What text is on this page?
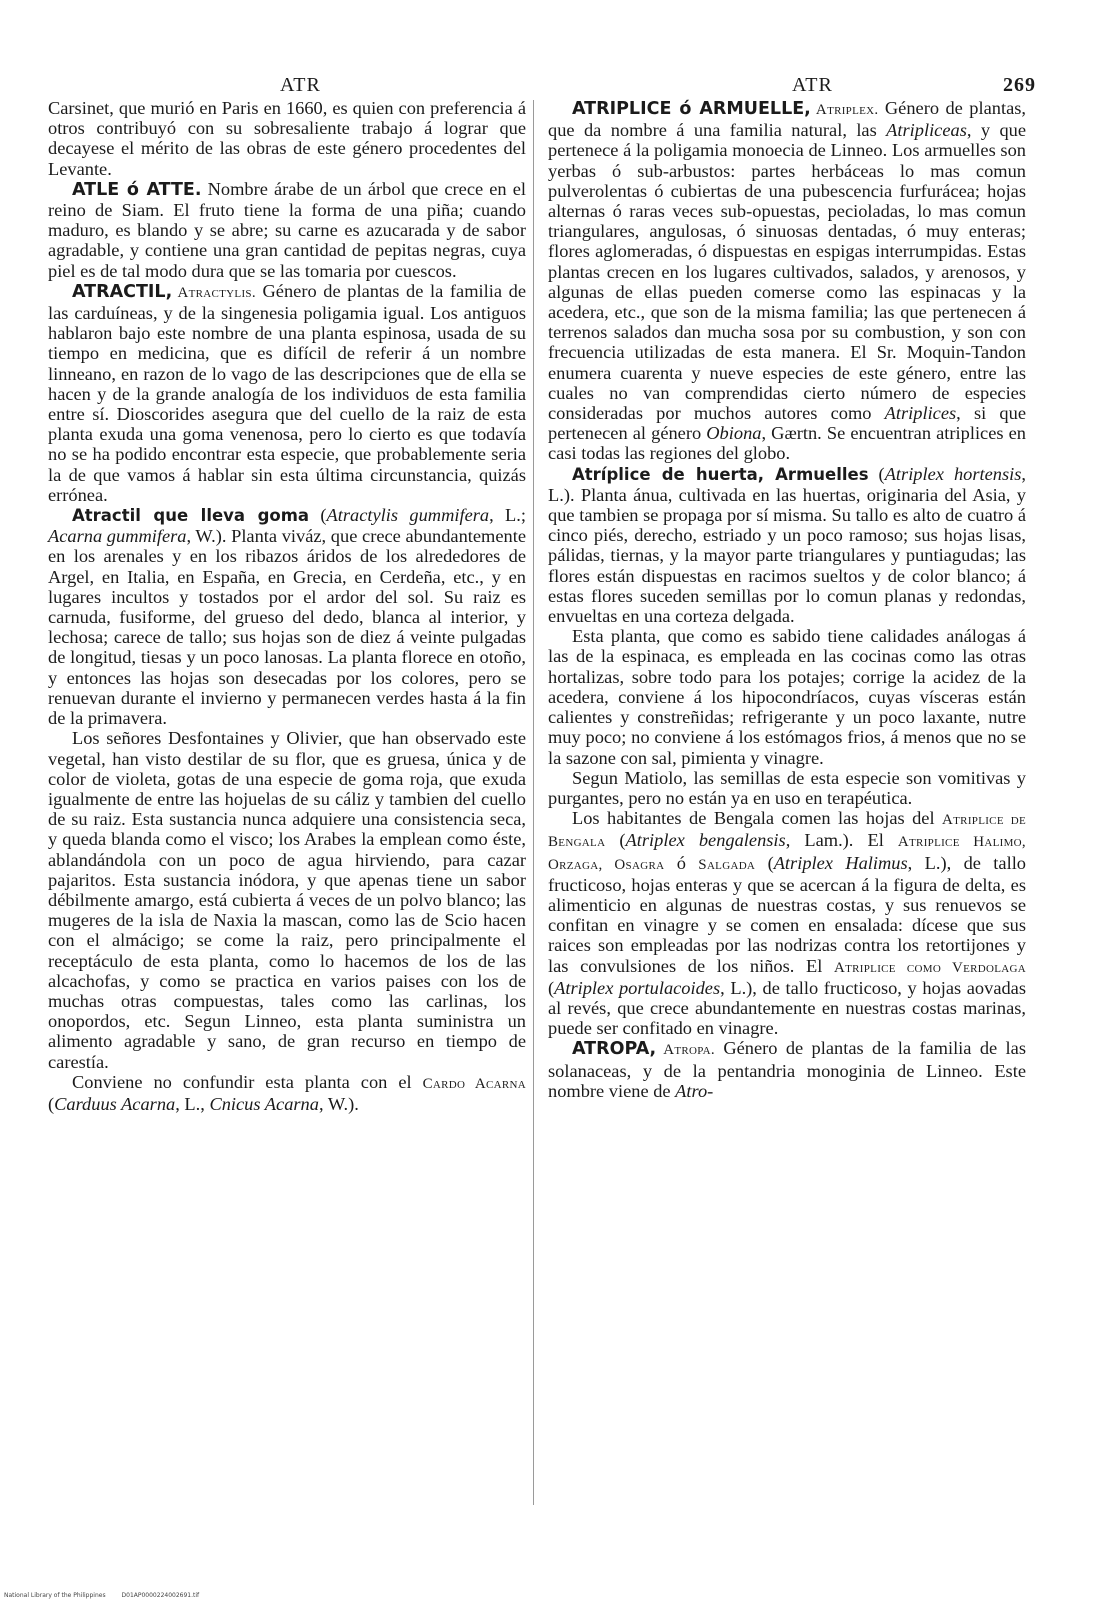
ATR	ATR	269

Carsinet, que murió en Paris en 1660, es quien con preferencia á otros contribuyó con su sobresaliente trabajo á lograr que decayese el mérito de las obras de este género procedentes del Levante.

ATLE ó ATTE. Nombre árabe de un árbol que crece en el reino de Siam. El fruto tiene la forma de una piña; cuando maduro, es blando y se abre; su carne es azucarada y de sabor agradable, y contiene una gran cantidad de pepitas negras, cuya piel es de tal modo dura que se las tomaria por cuescos.

ATRACTIL, Atractylis. Género de plantas de la familia de las carduíneas, y de la singenesia poligamia igual. Los antiguos hablaron bajo este nombre de una planta espinosa, usada de su tiempo en medicina, que es difícil de referir á un nombre linneano, en razon de lo vago de las descripciones que de ella se hacen y de la grande analogía de los individuos de esta familia entre sí. Dioscorides asegura que del cuello de la raiz de esta planta exuda una goma venenosa, pero lo cierto es que todavía no se ha podido encontrar esta especie, que probablemente seria la de que vamos á hablar sin esta última circunstancia, quizás errónea.

Atractil que lleva goma (Atractylis gummifera, L.; Acarna gummifera, W.). Planta viváz, que crece abundantemente en los arenales y en los ribazos áridos de los alrededores de Argel, en Italia, en España, en Grecia, en Cerdeña, etc., y en lugares incultos y tostados por el ardor del sol. Su raiz es carnuda, fusiforme, del grueso del dedo, blanca al interior, y lechosa; carece de tallo; sus hojas son de diez á veinte pulgadas de longitud, tiesas y un poco lanosas. La planta florece en otoño, y entonces las hojas son desecadas por los colores, pero se renuevan durante el invierno y permanecen verdes hasta á la fin de la primavera.

Los señores Desfontaines y Olivier, que han observado este vegetal, han visto destilar de su flor, que es gruesa, única y de color de violeta, gotas de una especie de goma roja, que exuda igualmente de entre las hojuelas de su cáliz y tambien del cuello de su raiz. Esta sustancia nunca adquiere una consistencia seca, y queda blanda como el visco; los Arabes la emplean como éste, ablandándola con un poco de agua hirviendo, para cazar pajaritos. Esta sustancia inódora, y que apenas tiene un sabor débilmente amargo, está cubierta á veces de un polvo blanco; las mugeres de la isla de Naxia la mascan, como las de Scio hacen con el almácigo; se come la raiz, pero principalmente el receptáculo de esta planta, como lo hacemos de los de las alcachofas, y como se practica en varios paises con los de muchas otras compuestas, tales como las carlinas, los onopordos, etc. Segun Linneo, esta planta suministra un alimento agradable y sano, de gran recurso en tiempo de carestía.

Conviene no confundir esta planta con el Cardo Acarna (Carduus Acarna, L., Cnicus Acarna, W.).

ATRIPLICE ó ARMUELLE, Atriplex. Género de plantas, que da nombre á una familia natural, las Atripliceas, y que pertenece á la poligamia monoecia de Linneo. Los armuelles son yerbas ó sub-arbustos: partes herbáceas lo mas comun pulverolentas ó cubiertas de una pubescencia furfurácea; hojas alternas ó raras veces sub-opuestas, pecioladas, lo mas comun triangulares, angulosas, ó sinuosas dentadas, ó muy enteras; flores aglomeradas, ó dispuestas en espigas interrumpidas. Estas plantas crecen en los lugares cultivados, salados, y arenosos, y algunas de ellas pueden comerse como las espinacas y la acedera, etc., que son de la misma familia; las que pertenecen á terrenos salados dan mucha sosa por su combustion, y son con frecuencia utilizadas de esta manera. El Sr. Moquin-Tandon enumera cuarenta y nueve especies de este género, entre las cuales no van comprendidas cierto número de especies consideradas por muchos autores como Atriplices, si que pertenecen al género Obiona, Gærtn. Se encuentran atriplices en casi todas las regiones del globo.

Atríplice de huerta, Armuelles (Atriplex hortensis, L.). Planta ánua, cultivada en las huertas, originaria del Asia, y que tambien se propaga por sí misma. Su tallo es alto de cuatro á cinco piés, derecho, estriado y un poco ramoso; sus hojas lisas, pálidas, tiernas, y la mayor parte triangulares y puntiagudas; las flores están dispuestas en racimos sueltos y de color blanco; á estas flores suceden semillas por lo comun planas y redondas, envueltas en una corteza delgada.

Esta planta, que como es sabido tiene calidades análogas á las de la espinaca, es empleada en las cocinas como las otras hortalizas, sobre todo para los potajes; corrige la acidez de la acedera, conviene á los hipocondríacos, cuyas vísceras están calientes y constreñidas; refrigerante y un poco laxante, nutre muy poco; no conviene á los estómagos frios, á menos que no se la sazone con sal, pimienta y vinagre.

Segun Matiolo, las semillas de esta especie son vomitivas y purgantes, pero no están ya en uso en terapéutica.

Los habitantes de Bengala comen las hojas del Atriplice de Bengala (Atriplex bengalensis, Lam.). El Atriplice Halimo, Orzaga, Osagra ó Salgada (Atriplex Halimus, L.), de tallo fructicoso, hojas enteras y que se acercan á la figura de delta, es alimenticio en algunas de nuestras costas, y sus renuevos se confitan en vinagre y se comen en ensalada: dícese que sus raices son empleadas por las nodrizas contra los retortijones y las convulsiones de los niños. El Atriplice como Verdolaga (Atriplex portulacoides, L.), de tallo fructicoso, y hojas aovadas al revés, que crece abundantemente en nuestras costas marinas, puede ser confitado en vinagre.

ATROPA, Atropa. Género de plantas de la familia de las solanaceas, y de la pentandria monoginia de Linneo. Este nombre viene de Atro-

National Library of the Philippines	D01AP0000224002691.tif
